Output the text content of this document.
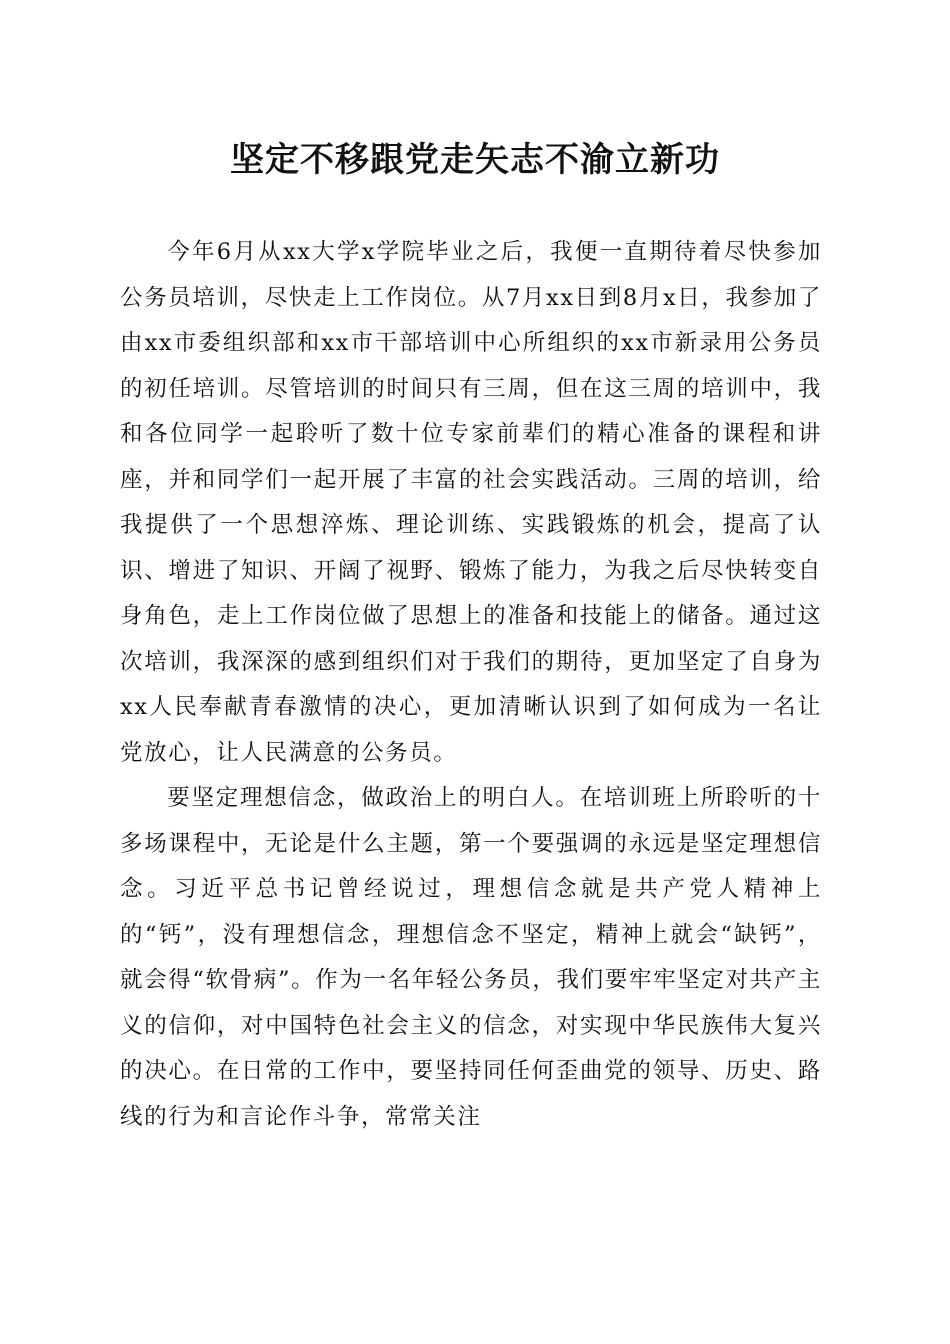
坚定不移跟党走矢志不渝立新功

今年6月从xx大学x学院毕业之后，我便一直期待着尽快参加公务员培训，尽快走上工作岗位。从7月xx日到8月x日，我参加了由xx市委组织部和xx市干部培训中心所组织的xx市新录用公务员的初任培训。尽管培训的时间只有三周，但在这三周的培训中，我和各位同学一起聆听了数十位专家前辈们的精心准备的课程和讲座，并和同学们一起开展了丰富的社会实践活动。三周的培训，给我提供了一个思想淬炼、理论训练、实践锻炼的机会，提高了认识、增进了知识、开阔了视野、锻炼了能力，为我之后尽快转变自身角色，走上工作岗位做了思想上的准备和技能上的储备。通过这次培训，我深深的感到组织们对于我们的期待，更加坚定了自身为xx人民奉献青春激情的决心，更加清晰认识到了如何成为一名让党放心，让人民满意的公务员。

要坚定理想信念，做政治上的明白人。在培训班上所聆听的十多场课程中，无论是什么主题，第一个要强调的永远是坚定理想信念。习近平总书记曾经说过，理想信念就是共产党人精神上的“钙”，没有理想信念，理想信念不坚定，精神上就会“缺钙”，就会得“软骨病”。作为一名年轻公务员，我们要牢牢坚定对共产主义的信仰，对中国特色社会主义的信念，对实现中华民族伟大复兴的决心。在日常的工作中，要坚持同任何歪曲党的领导、历史、路线的行为和言论作斗争，常常关注
